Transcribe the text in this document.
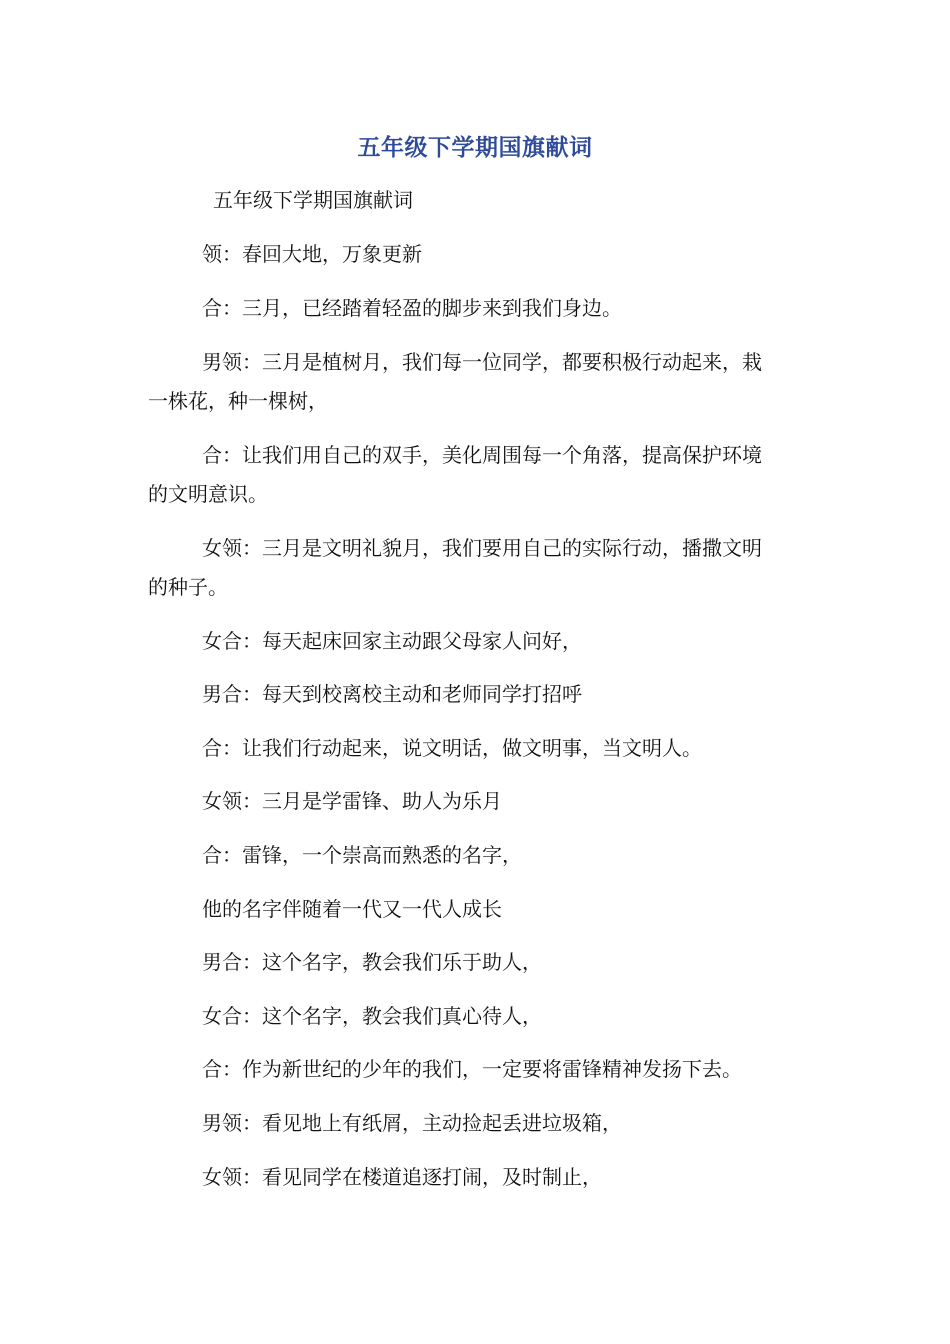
五年级下学期国旗献词
五年级下学期国旗献词
领：春回大地，万象更新
合：三月，已经踏着轻盈的脚步来到我们身边。
男领：三月是植树月，我们每一位同学，都要积极行动起来，栽
一株花，种一棵树，
合：让我们用自己的双手，美化周围每一个角落，提高保护环境
的文明意识。
女领：三月是文明礼貌月，我们要用自己的实际行动，播撒文明
的种子。
女合：每天起床回家主动跟父母家人问好，
男合：每天到校离校主动和老师同学打招呼
合：让我们行动起来，说文明话，做文明事，当文明人。
女领：三月是学雷锋、助人为乐月
合：雷锋，一个崇高而熟悉的名字，
他的名字伴随着一代又一代人成长
男合：这个名字，教会我们乐于助人，
女合：这个名字，教会我们真心待人，
合：作为新世纪的少年的我们，一定要将雷锋精神发扬下去。
男领：看见地上有纸屑，主动捡起丢进垃圾箱，
女领：看见同学在楼道追逐打闹，及时制止，
